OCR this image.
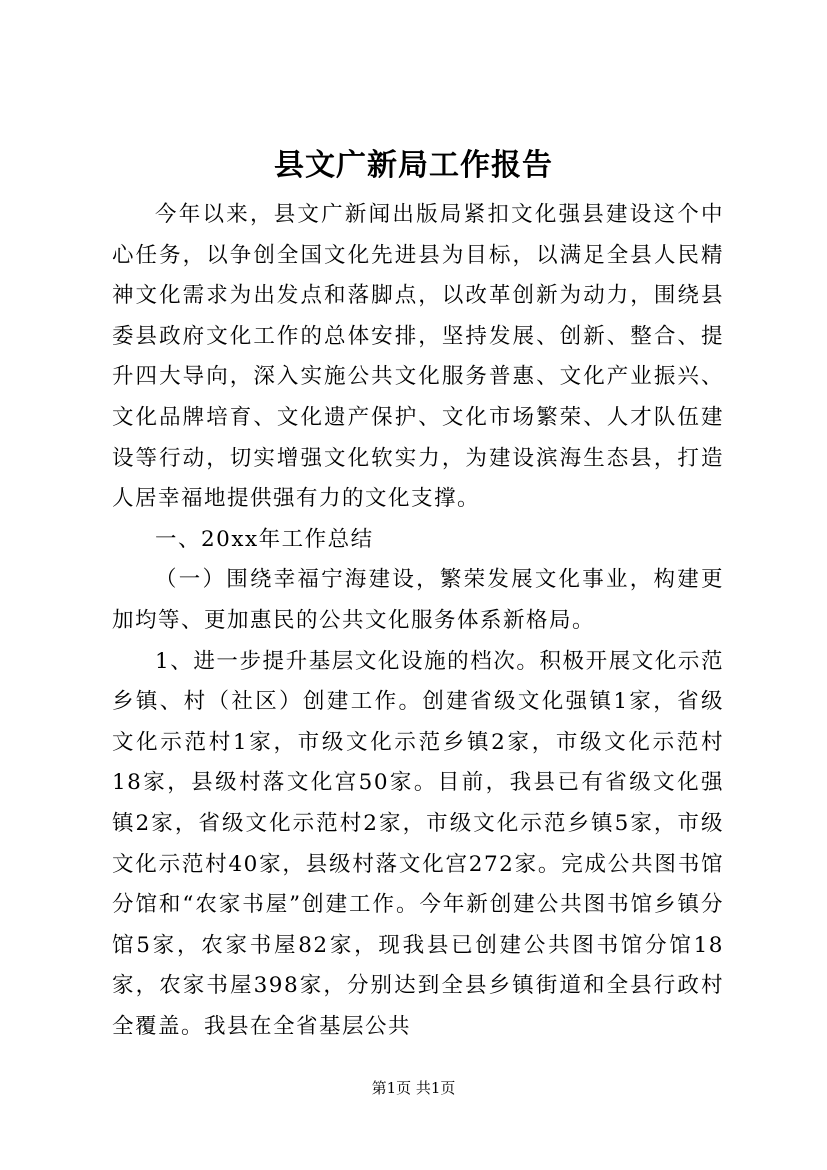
县文广新局工作报告

今年以来，县文广新闻出版局紧扣文化强县建设这个中心任务，以争创全国文化先进县为目标，以满足全县人民精神文化需求为出发点和落脚点，以改革创新为动力，围绕县委县政府文化工作的总体安排，坚持发展、创新、整合、提升四大导向，深入实施公共文化服务普惠、文化产业振兴、文化品牌培育、文化遗产保护、文化市场繁荣、人才队伍建设等行动，切实增强文化软实力，为建设滨海生态县，打造人居幸福地提供强有力的文化支撑。

一、20xx年工作总结

（一）围绕幸福宁海建设，繁荣发展文化事业，构建更加均等、更加惠民的公共文化服务体系新格局。

1、进一步提升基层文化设施的档次。积极开展文化示范乡镇、村（社区）创建工作。创建省级文化强镇1家，省级文化示范村1家，市级文化示范乡镇2家，市级文化示范村18家，县级村落文化宫50家。目前，我县已有省级文化强镇2家，省级文化示范村2家，市级文化示范乡镇5家，市级文化示范村40家，县级村落文化宫272家。完成公共图书馆分馆和“农家书屋”创建工作。今年新创建公共图书馆乡镇分馆5家，农家书屋82家，现我县已创建公共图书馆分馆18家，农家书屋398家，分别达到全县乡镇街道和全县行政村全覆盖。我县在全省基层公共

第1页 共1页
